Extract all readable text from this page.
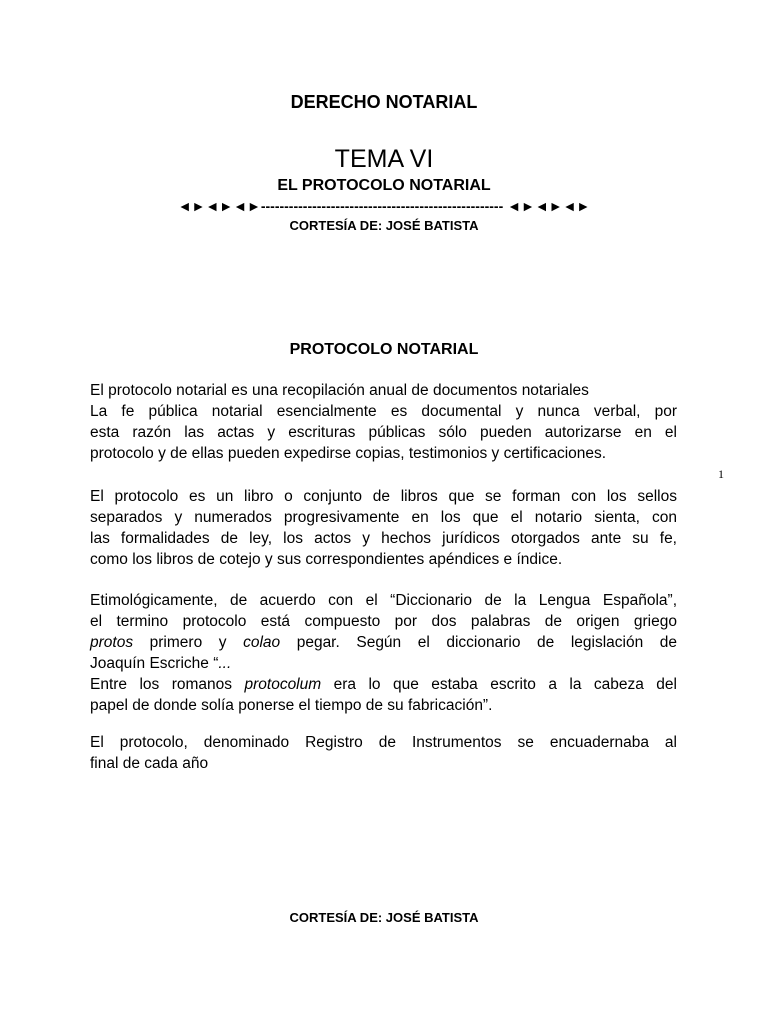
DERECHO NOTARIAL
TEMA VI
EL PROTOCOLO NOTARIAL
◄►◄►◄►---------------------------------------------------- ◄►◄►◄►
CORTESÍA DE: JOSÉ BATISTA
PROTOCOLO NOTARIAL
El protocolo notarial es una recopilación anual de documentos notariales
La fe pública notarial esencialmente es documental y nunca verbal, por
esta razón las actas y escrituras públicas sólo pueden autorizarse en el
protocolo y de ellas pueden expedirse copias, testimonios y certificaciones.
El protocolo es un libro o conjunto de libros que se forman con los sellos
separados y numerados progresivamente en los que el notario sienta, con
las formalidades de ley, los actos y hechos jurídicos otorgados ante su fe,
como los libros de cotejo y sus correspondientes apéndices e índice.
Etimológicamente, de acuerdo con el “Diccionario de la Lengua Española”,
el termino protocolo está compuesto por dos palabras de origen griego
protos primero y colao pegar. Según el diccionario de legislación de
Joaquín Escriche “...
Entre los romanos protocolum era lo que estaba escrito a la cabeza del
papel de donde solía ponerse el tiempo de su fabricación”.
El protocolo, denominado Registro de Instrumentos se encuadernaba al
final de cada año
1
CORTESÍA DE: JOSÉ BATISTA
